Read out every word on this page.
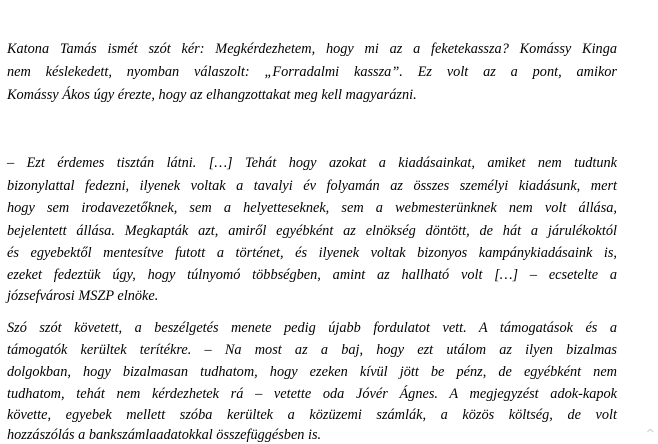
Katona Tamás ismét szót kér: Megkérdezhetem, hogy mi az a feketekassza? Komássy Kinga
nem késlekedett, nyomban válaszolt: „Forradalmi kassza”. Ez volt az a pont, amikor
Komássy Ákos úgy érezte, hogy az elhangzottakat meg kell magyarázni.
– Ezt érdemes tisztán látni. […] Tehát hogy azokat a kiadásainkat, amiket nem tudtunk
bizonylattal fedezni, ilyenek voltak a tavalyi év folyamán az összes személyi kiadásunk, mert
hogy sem irodavezetőknek, sem a helyetteseknek, sem a webmesterünknek nem volt állása,
bejelentett állása. Megkapták azt, amiről egyébként az elnökség döntött, de hát a járulékoktól
és egyebektől mentesítve futott a történet, és ilyenek voltak bizonyos kampánykiadásaink is,
ezeket fedeztük úgy, hogy túlnyomó többségben, amint az hallható volt […] – ecsetelte a
józsefvárosi MSZP elnöke.
Szó szót követett, a beszélgetés menete pedig újabb fordulatot vett. A támogatások és a
támogatók kerültek terítékre. – Na most az a baj, hogy ezt utálom az ilyen bizalmas
dolgokban, hogy bizalmasan tudhatom, hogy ezeken kívül jött be pénz, de egyébként nem
tudhatom, tehát nem kérdezhetek rá – vetette oda Jóvér Ágnes. A megjegyzést adok-kapok
követte, egyebek mellett szóba kerültek a közüzemi számlák, a közös költség, de volt
hozzászólás a bankszámlaadatokkal összefüggésben is.	^
